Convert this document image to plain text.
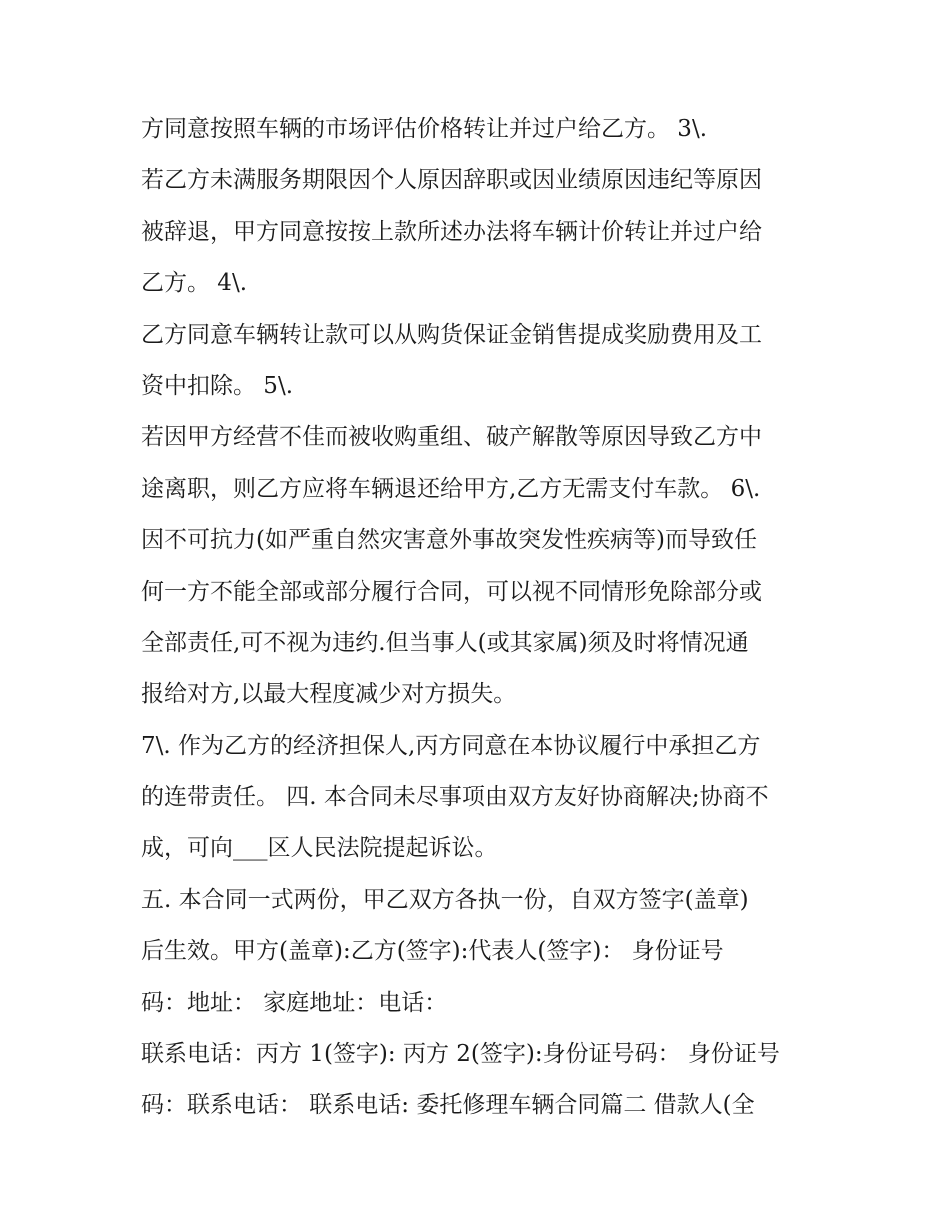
方同意按照车辆的市场评估价格转让并过户给乙方。 3\.
若乙方未满服务期限因个人原因辞职或因业绩原因违纪等原因
被辞退，甲方同意按按上款所述办法将车辆计价转让并过户给
乙方。 4\.
乙方同意车辆转让款可以从购货保证金销售提成奖励费用及工
资中扣除。 5\.
若因甲方经营不佳而被收购重组、破产解散等原因导致乙方中
途离职，则乙方应将车辆退还给甲方,乙方无需支付车款。 6\.
因不可抗力(如严重自然灾害意外事故突发性疾病等)而导致任
何一方不能全部或部分履行合同，可以视不同情形免除部分或
全部责任,可不视为违约.但当事人(或其家属)须及时将情况通
报给对方,以最大程度减少对方损失。
7\. 作为乙方的经济担保人,丙方同意在本协议履行中承担乙方
的连带责任。 四. 本合同未尽事项由双方友好协商解决;协商不
成，可向___区人民法院提起诉讼。
五. 本合同一式两份，甲乙双方各执一份，自双方签字(盖章)
后生效。甲方(盖章):乙方(签字):代表人(签字)： 身份证号
码：地址： 家庭地址：电话：
联系电话：丙方 1(签字): 丙方 2(签字):身份证号码： 身份证号
码：联系电话： 联系电话: 委托修理车辆合同篇二 借款人(全
